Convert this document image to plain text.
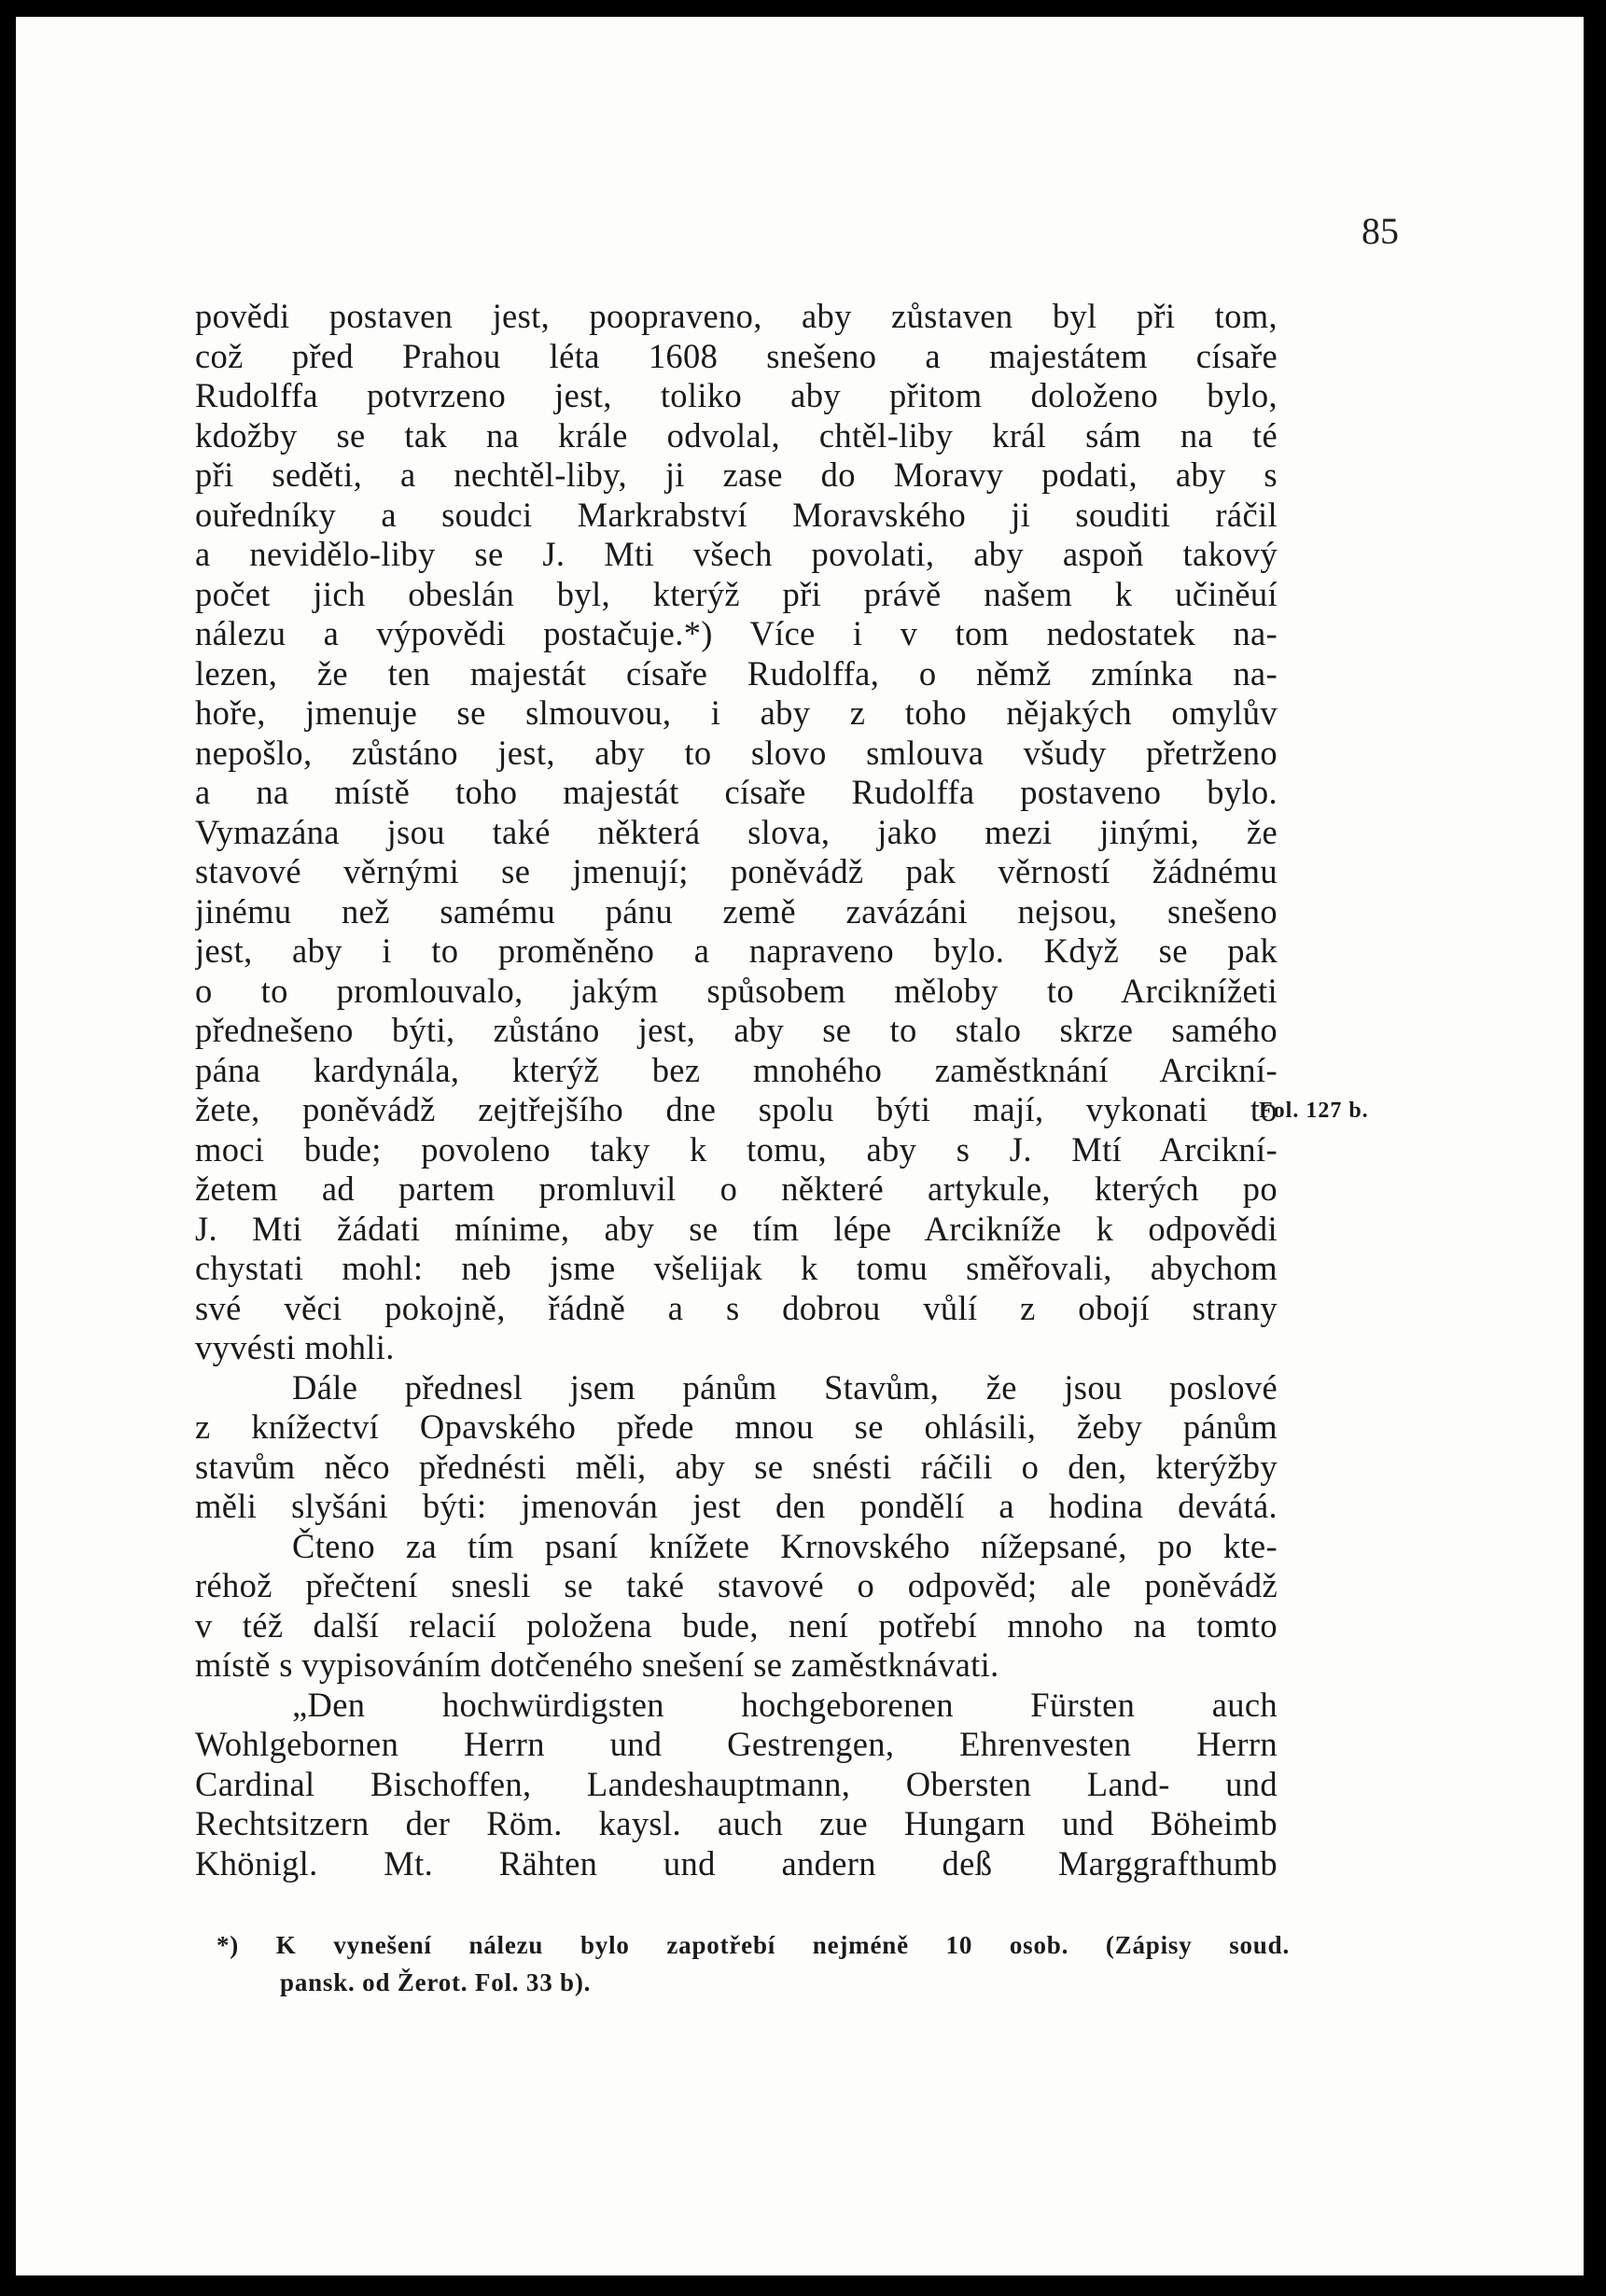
85
povědi postaven jest, poopraveno, aby zůstaven byl při tom,
což před Prahou léta 1608 snešeno a majestátem císaře
Rudolffa potvrzeno jest, toliko aby přitom doloženo bylo,
kdožby se tak na krále odvolal, chtěl-liby král sám na té
při seděti, a nechtěl-liby, ji zase do Moravy podati, aby s
ouředníky a soudci Markrabství Moravského ji souditi ráčil
a nevidělo-liby se J. Mti všech povolati, aby aspoň takový
počet jich obeslán byl, kterýž při právě našem k učiněuí
nálezu a výpovědi postačuje.*) Více i v tom nedostatek na-
lezen, že ten majestát císaře Rudolffa, o němž zmínka na-
hoře, jmenuje se slmouvou, i aby z toho nějakých omylův
nepošlo, zůstáno jest, aby to slovo smlouva všudy přetrženo
a na místě toho majestát císaře Rudolffa postaveno bylo.
Vymazána jsou také některá slova, jako mezi jinými, že
stavové věrnými se jmenují; poněvádž pak věrností žádnému
jinému než samému pánu země zavázáni nejsou, snešeno
jest, aby i to proměněno a napraveno bylo. Když se pak
o to promlouvalo, jakým spůsobem měloby to Arciknížeti
přednešeno býti, zůstáno jest, aby se to stalo skrze samého
pána kardynála, kterýž bez mnohého zaměstknání Arcikní-
žete, poněvádž zejtřejšího dne spolu býti mají, vykonati to
moci bude; povoleno taky k tomu, aby s J. Mtí Arcikní-
žetem ad partem promluvil o některé artykule, kterých po
J. Mti žádati mínime, aby se tím lépe Arcikníže k odpovědi
chystati mohl: neb jsme všelijak k tomu směřovali, abychom
své věci pokojně, řádně a s dobrou vůlí z obojí strany
vyvésti mohli.
Dále přednesl jsem pánům Stavům, že jsou poslové
z knížectví Opavského přede mnou se ohlásili, žeby pánům
stavům něco přednésti měli, aby se snésti ráčili o den, kterýžby
měli slyšáni býti: jmenován jest den pondělí a hodina devátá.
Čteno za tím psaní knížete Krnovského nížepsané, po kte-
réhož přečtení snesli se také stavové o odpověd; ale poněvádž
v též další relacií položena bude, není potřebí mnoho na tomto
místě s vypisováním dotčeného snešení se zaměstknávati.
„Den hochwürdigsten hochgeborenen Fürsten auch
Wohlgebornen Herrn und Gestrengen, Ehrenvesten Herrn
Cardinal Bischoffen, Landeshauptmann, Obersten Land- und
Rechtsitzern der Röm. kaysl. auch zue Hungarn und Böheimb
Khönigl. Mt. Rähten und andern deß Marggrafthumb
Fol. 127 b.
*) K vynešení nálezu bylo zapotřebí nejméně 10 osob. (Zápisy soud.
pansk. od Žerot. Fol. 33 b).
